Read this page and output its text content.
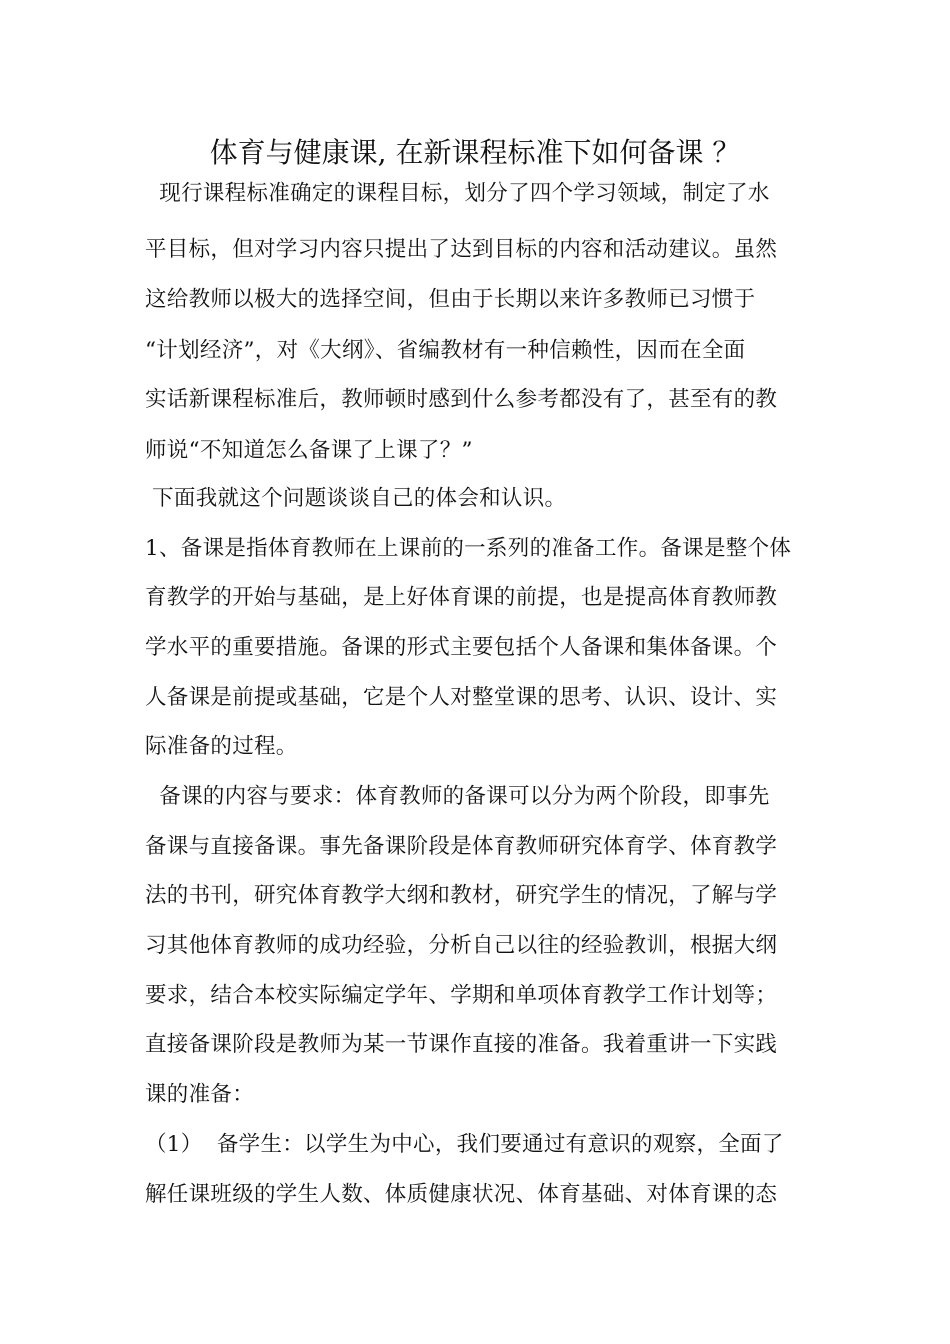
体育与健康课, 在新课程标准下如何备课 ？
现行课程标准确定的课程目标，划分了四个学习领域，制定了水
平目标，但对学习内容只提出了达到目标的内容和活动建议。虽然
这给教师以极大的选择空间，但由于长期以来许多教师已习惯于
“计划经济”，对《大纲》、省编教材有一种信赖性，因而在全面
实话新课程标准后，教师顿时感到什么参考都没有了，甚至有的教
师说“不知道怎么备课了上课了？”
下面我就这个问题谈谈自己的体会和认识。
1、备课是指体育教师在上课前的一系列的准备工作。备课是整个体
育教学的开始与基础，是上好体育课的前提，也是提高体育教师教
学水平的重要措施。备课的形式主要包括个人备课和集体备课。个
人备课是前提或基础，它是个人对整堂课的思考、认识、设计、实
际准备的过程。
备课的内容与要求：体育教师的备课可以分为两个阶段，即事先
备课与直接备课。事先备课阶段是体育教师研究体育学、体育教学
法的书刊，研究体育教学大纲和教材，研究学生的情况，了解与学
习其他体育教师的成功经验，分析自己以往的经验教训，根据大纲
要求，结合本校实际编定学年、学期和单项体育教学工作计划等；
直接备课阶段是教师为某一节课作直接的准备。我着重讲一下实践
课的准备：
（1）  备学生：以学生为中心，我们要通过有意识的观察，全面了
解任课班级的学生人数、体质健康状况、体育基础、对体育课的态
